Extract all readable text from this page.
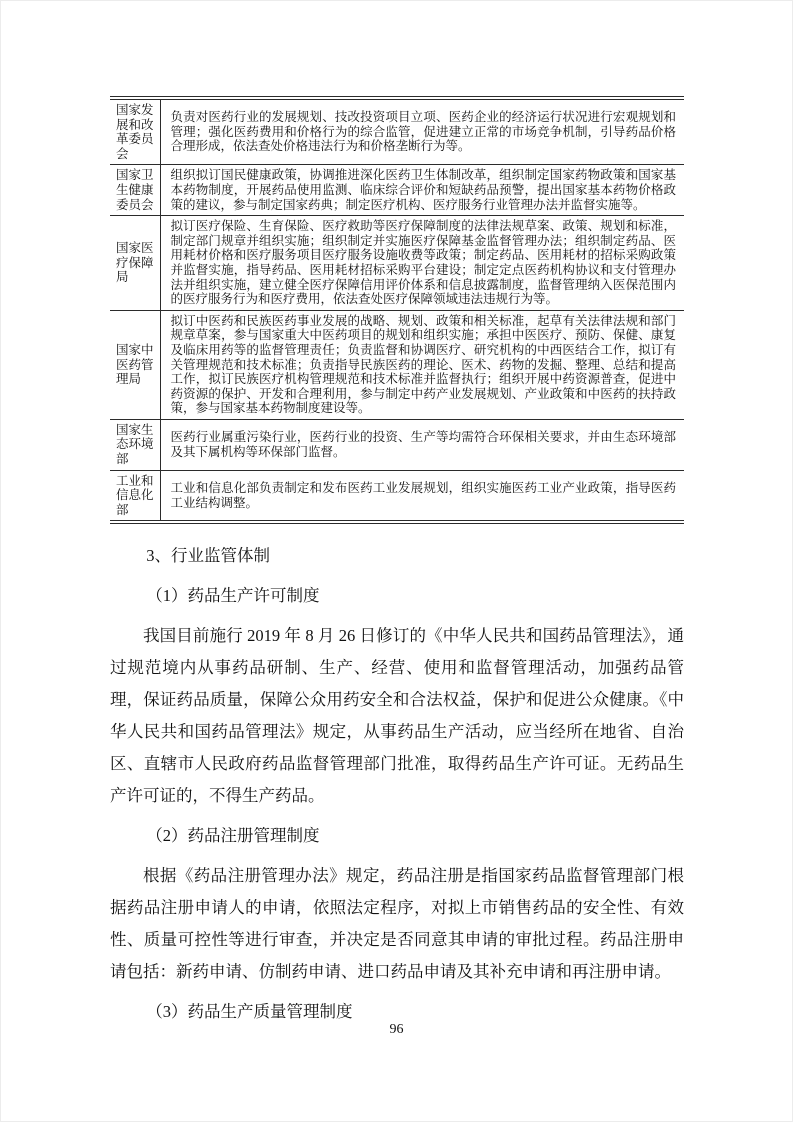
国家发展和改革委员会	负责对医药行业的发展规划、技改投资项目立项、医药企业的经济运行状况进行宏观规划和管理；强化医药费用和价格行为的综合监管，促进建立正常的市场竞争机制，引导药品价格合理形成，依法查处价格违法行为和价格垄断行为等。
国家卫生健康委员会	组织拟订国民健康政策，协调推进深化医药卫生体制改革，组织制定国家药物政策和国家基本药物制度，开展药品使用监测、临床综合评价和短缺药品预警，提出国家基本药物价格政策的建议，参与制定国家药典；制定医疗机构、医疗服务行业管理办法并监督实施等。
国家医疗保障局	拟订医疗保险、生育保险、医疗救助等医疗保障制度的法律法规草案、政策、规划和标准，制定部门规章并组织实施；组织制定并实施医疗保障基金监督管理办法；组织制定药品、医用耗材价格和医疗服务项目医疗服务设施收费等政策；制定药品、医用耗材的招标采购政策并监督实施，指导药品、医用耗材招标采购平台建设；制定定点医药机构协议和支付管理办法并组织实施，建立健全医疗保障信用评价体系和信息披露制度，监督管理纳入医保范围内的医疗服务行为和医疗费用，依法查处医疗保障领域违法违规行为等。
国家中医药管理局	拟订中医药和民族医药事业发展的战略、规划、政策和相关标准，起草有关法律法规和部门规章草案，参与国家重大中医药项目的规划和组织实施；承担中医医疗、预防、保健、康复及临床用药等的监督管理责任；负责监督和协调医疗、研究机构的中西医结合工作，拟订有关管理规范和技术标准；负责指导民族医药的理论、医术、药物的发掘、整理、总结和提高工作，拟订民族医疗机构管理规范和技术标准并监督执行；组织开展中药资源普查，促进中药资源的保护、开发和合理利用，参与制定中药产业发展规划、产业政策和中医药的扶持政策，参与国家基本药物制度建设等。
国家生态环境部	医药行业属重污染行业，医药行业的投资、生产等均需符合环保相关要求，并由生态环境部及其下属机构等环保部门监督。
工业和信息化部	工业和信息化部负责制定和发布医药工业发展规划，组织实施医药工业产业政策，指导医药工业结构调整。
3、行业监管体制
（1）药品生产许可制度
我国目前施行 2019 年 8 月 26 日修订的《中华人民共和国药品管理法》，通过规范境内从事药品研制、生产、经营、使用和监督管理活动，加强药品管理，保证药品质量，保障公众用药安全和合法权益，保护和促进公众健康。《中华人民共和国药品管理法》规定，从事药品生产活动，应当经所在地省、自治区、直辖市人民政府药品监督管理部门批准，取得药品生产许可证。无药品生产许可证的，不得生产药品。
（2）药品注册管理制度
根据《药品注册管理办法》规定，药品注册是指国家药品监督管理部门根据药品注册申请人的申请，依照法定程序，对拟上市销售药品的安全性、有效性、质量可控性等进行审查，并决定是否同意其申请的审批过程。药品注册申请包括：新药申请、仿制药申请、进口药品申请及其补充申请和再注册申请。
（3）药品生产质量管理制度
96
